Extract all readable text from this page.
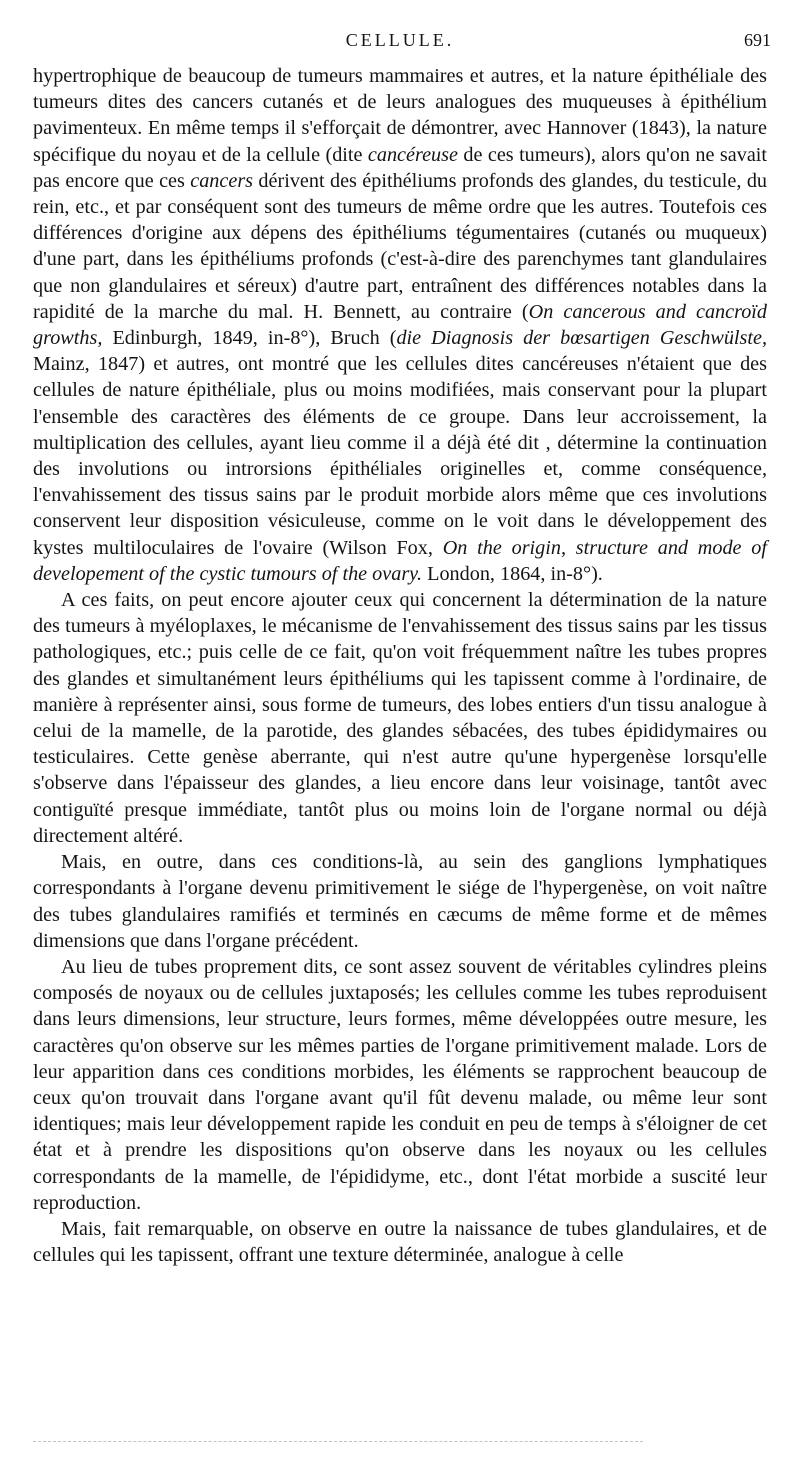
CELLULE.	691

hypertrophique de beaucoup de tumeurs mammaires et autres, et la nature épithéliale des tumeurs dites des cancers cutanés et de leurs analogues des muqueuses à épithélium pavimenteux. En même temps il s'efforçait de démontrer, avec Hannover (1843), la nature spécifique du noyau et de la cellule (dite cancéreuse de ces tumeurs), alors qu'on ne savait pas encore que ces cancers dérivent des épithéliums profonds des glandes, du testicule, du rein, etc., et par conséquent sont des tumeurs de même ordre que les autres. Toutefois ces différences d'origine aux dépens des épithéliums tégumentaires (cutanés ou muqueux) d'une part, dans les épithéliums profonds (c'est-à-dire des parenchymes tant glandulaires que non glandulaires et séreux) d'autre part, entraînent des différences notables dans la rapidité de la marche du mal. H. Bennett, au contraire (On cancerous and cancroïd growths, Edinburgh, 1849, in-8°), Bruch (die Diagnosis der bœsartigen Geschwülste, Mainz, 1847) et autres, ont montré que les cellules dites cancéreuses n'étaient que des cellules de nature épithéliale, plus ou moins modifiées, mais conservant pour la plupart l'ensemble des caractères des éléments de ce groupe. Dans leur accroissement, la multiplication des cellules, ayant lieu comme il a déjà été dit , détermine la continuation des involutions ou introrsions épithéliales originelles et, comme conséquence, l'envahissement des tissus sains par le produit morbide alors même que ces involutions conservent leur disposition vésiculeuse, comme on le voit dans le développement des kystes multiloculaires de l'ovaire (Wilson Fox, On the origin, structure and mode of developement of the cystic tumours of the ovary. London, 1864, in-8°).

A ces faits, on peut encore ajouter ceux qui concernent la détermination de la nature des tumeurs à myéloplaxes, le mécanisme de l'envahissement des tissus sains par les tissus pathologiques, etc.; puis celle de ce fait, qu'on voit fréquemment naître les tubes propres des glandes et simultanément leurs épithéliums qui les tapissent comme à l'ordinaire, de manière à représenter ainsi, sous forme de tumeurs, des lobes entiers d'un tissu analogue à celui de la mamelle, de la parotide, des glandes sébacées, des tubes épididymaires ou testiculaires. Cette genèse aberrante, qui n'est autre qu'une hypergenèse lorsqu'elle s'observe dans l'épaisseur des glandes, a lieu encore dans leur voisinage, tantôt avec contiguïté presque immédiate, tantôt plus ou moins loin de l'organe normal ou déjà directement altéré.

Mais, en outre, dans ces conditions-là, au sein des ganglions lymphatiques correspondants à l'organe devenu primitivement le siége de l'hypergenèse, on voit naître des tubes glandulaires ramifiés et terminés en cæcums de même forme et de mêmes dimensions que dans l'organe précédent.

Au lieu de tubes proprement dits, ce sont assez souvent de véritables cylindres pleins composés de noyaux ou de cellules juxtaposés; les cellules comme les tubes reproduisent dans leurs dimensions, leur structure, leurs formes, même développées outre mesure, les caractères qu'on observe sur les mêmes parties de l'organe primitivement malade. Lors de leur apparition dans ces conditions morbides, les éléments se rapprochent beaucoup de ceux qu'on trouvait dans l'organe avant qu'il fût devenu malade, ou même leur sont identiques; mais leur développement rapide les conduit en peu de temps à s'éloigner de cet état et à prendre les dispositions qu'on observe dans les noyaux ou les cellules correspondants de la mamelle, de l'épididyme, etc., dont l'état morbide a suscité leur reproduction.

Mais, fait remarquable, on observe en outre la naissance de tubes glandulaires, et de cellules qui les tapissent, offrant une texture déterminée, analogue à celle
